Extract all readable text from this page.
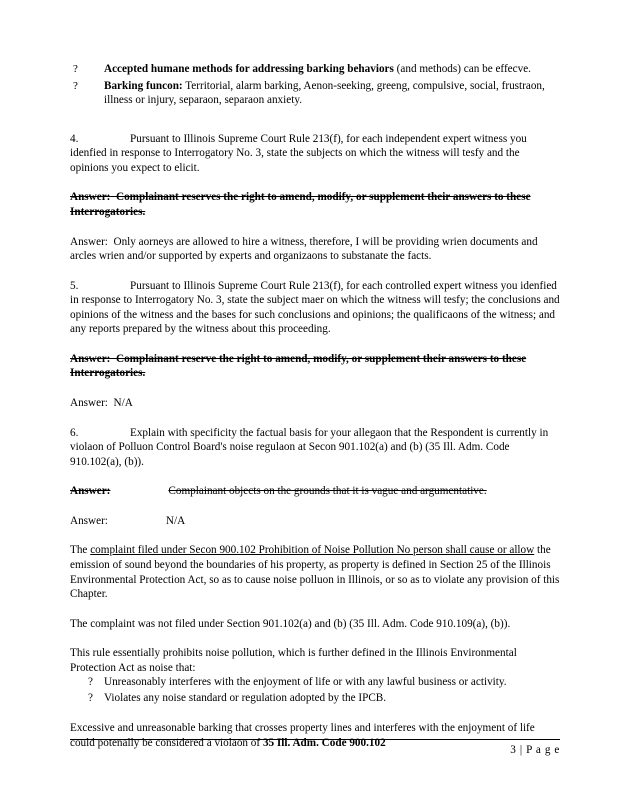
? Accepted humane methods for addressing barking behaviors (and methods) can be effecve.
? Barking funcon: Territorial, alarm barking, Aenon-seeking, greeng, compulsive, social, frustraon, illness or injury, separaon, separaon anxiety.

4.	Pursuant to Illinois Supreme Court Rule 213(f), for each independent expert witness you idenfied in response to Interrogatory No. 3, state the subjects on which the witness will tesfy and the opinions you expect to elicit.

Answer: Complainant reserves the right to amend, modify, or supplement their answers to these Interrogatories.

Answer: Only aorneys are allowed to hire a witness, therefore, I will be providing wrien documents and arcles wrien and/or supported by experts and organizaons to substanate the facts.

5.	Pursuant to Illinois Supreme Court Rule 213(f), for each controlled expert witness you idenfied in response to Interrogatory No. 3, state the subject maer on which the witness will tesfy; the conclusions and opinions of the witness and the bases for such conclusions and opinions; the qualificaons of the witness; and any reports prepared by the witness about this proceeding.

Answer: Complainant reserve the right to amend, modify, or supplement their answers to these Interrogatories.

Answer: N/A

6.	Explain with specificity the factual basis for your allegaon that the Respondent is currently in violaon of Polluon Control Board's noise regulaon at Secon 901.102(a) and (b) (35 Ill. Adm. Code 910.102(a), (b)).

Answer:	Complainant objects on the grounds that it is vague and argumentative.

Answer:	N/A

The complaint filed under Secon 900.102 Prohibition of Noise Pollution No person shall cause or allow the emission of sound beyond the boundaries of his property, as property is defined in Section 25 of the Illinois Environmental Protection Act, so as to cause noise polluon in Illinois, or so as to violate any provision of this Chapter.

The complaint was not filed under Section 901.102(a) and (b) (35 Ill. Adm. Code 910.109(a), (b)).

This rule essentially prohibits noise pollution, which is further defined in the Illinois Environmental Protection Act as noise that:

? Unreasonably interferes with the enjoyment of life or with any lawful business or activity.
? Violates any noise standard or regulation adopted by the IPCB.

Excessive and unreasonable barking that crosses property lines and interferes with the enjoyment of life could potenally be considered a violaon of 35 Ill. Adm. Code 900.102

3 | P a g e
